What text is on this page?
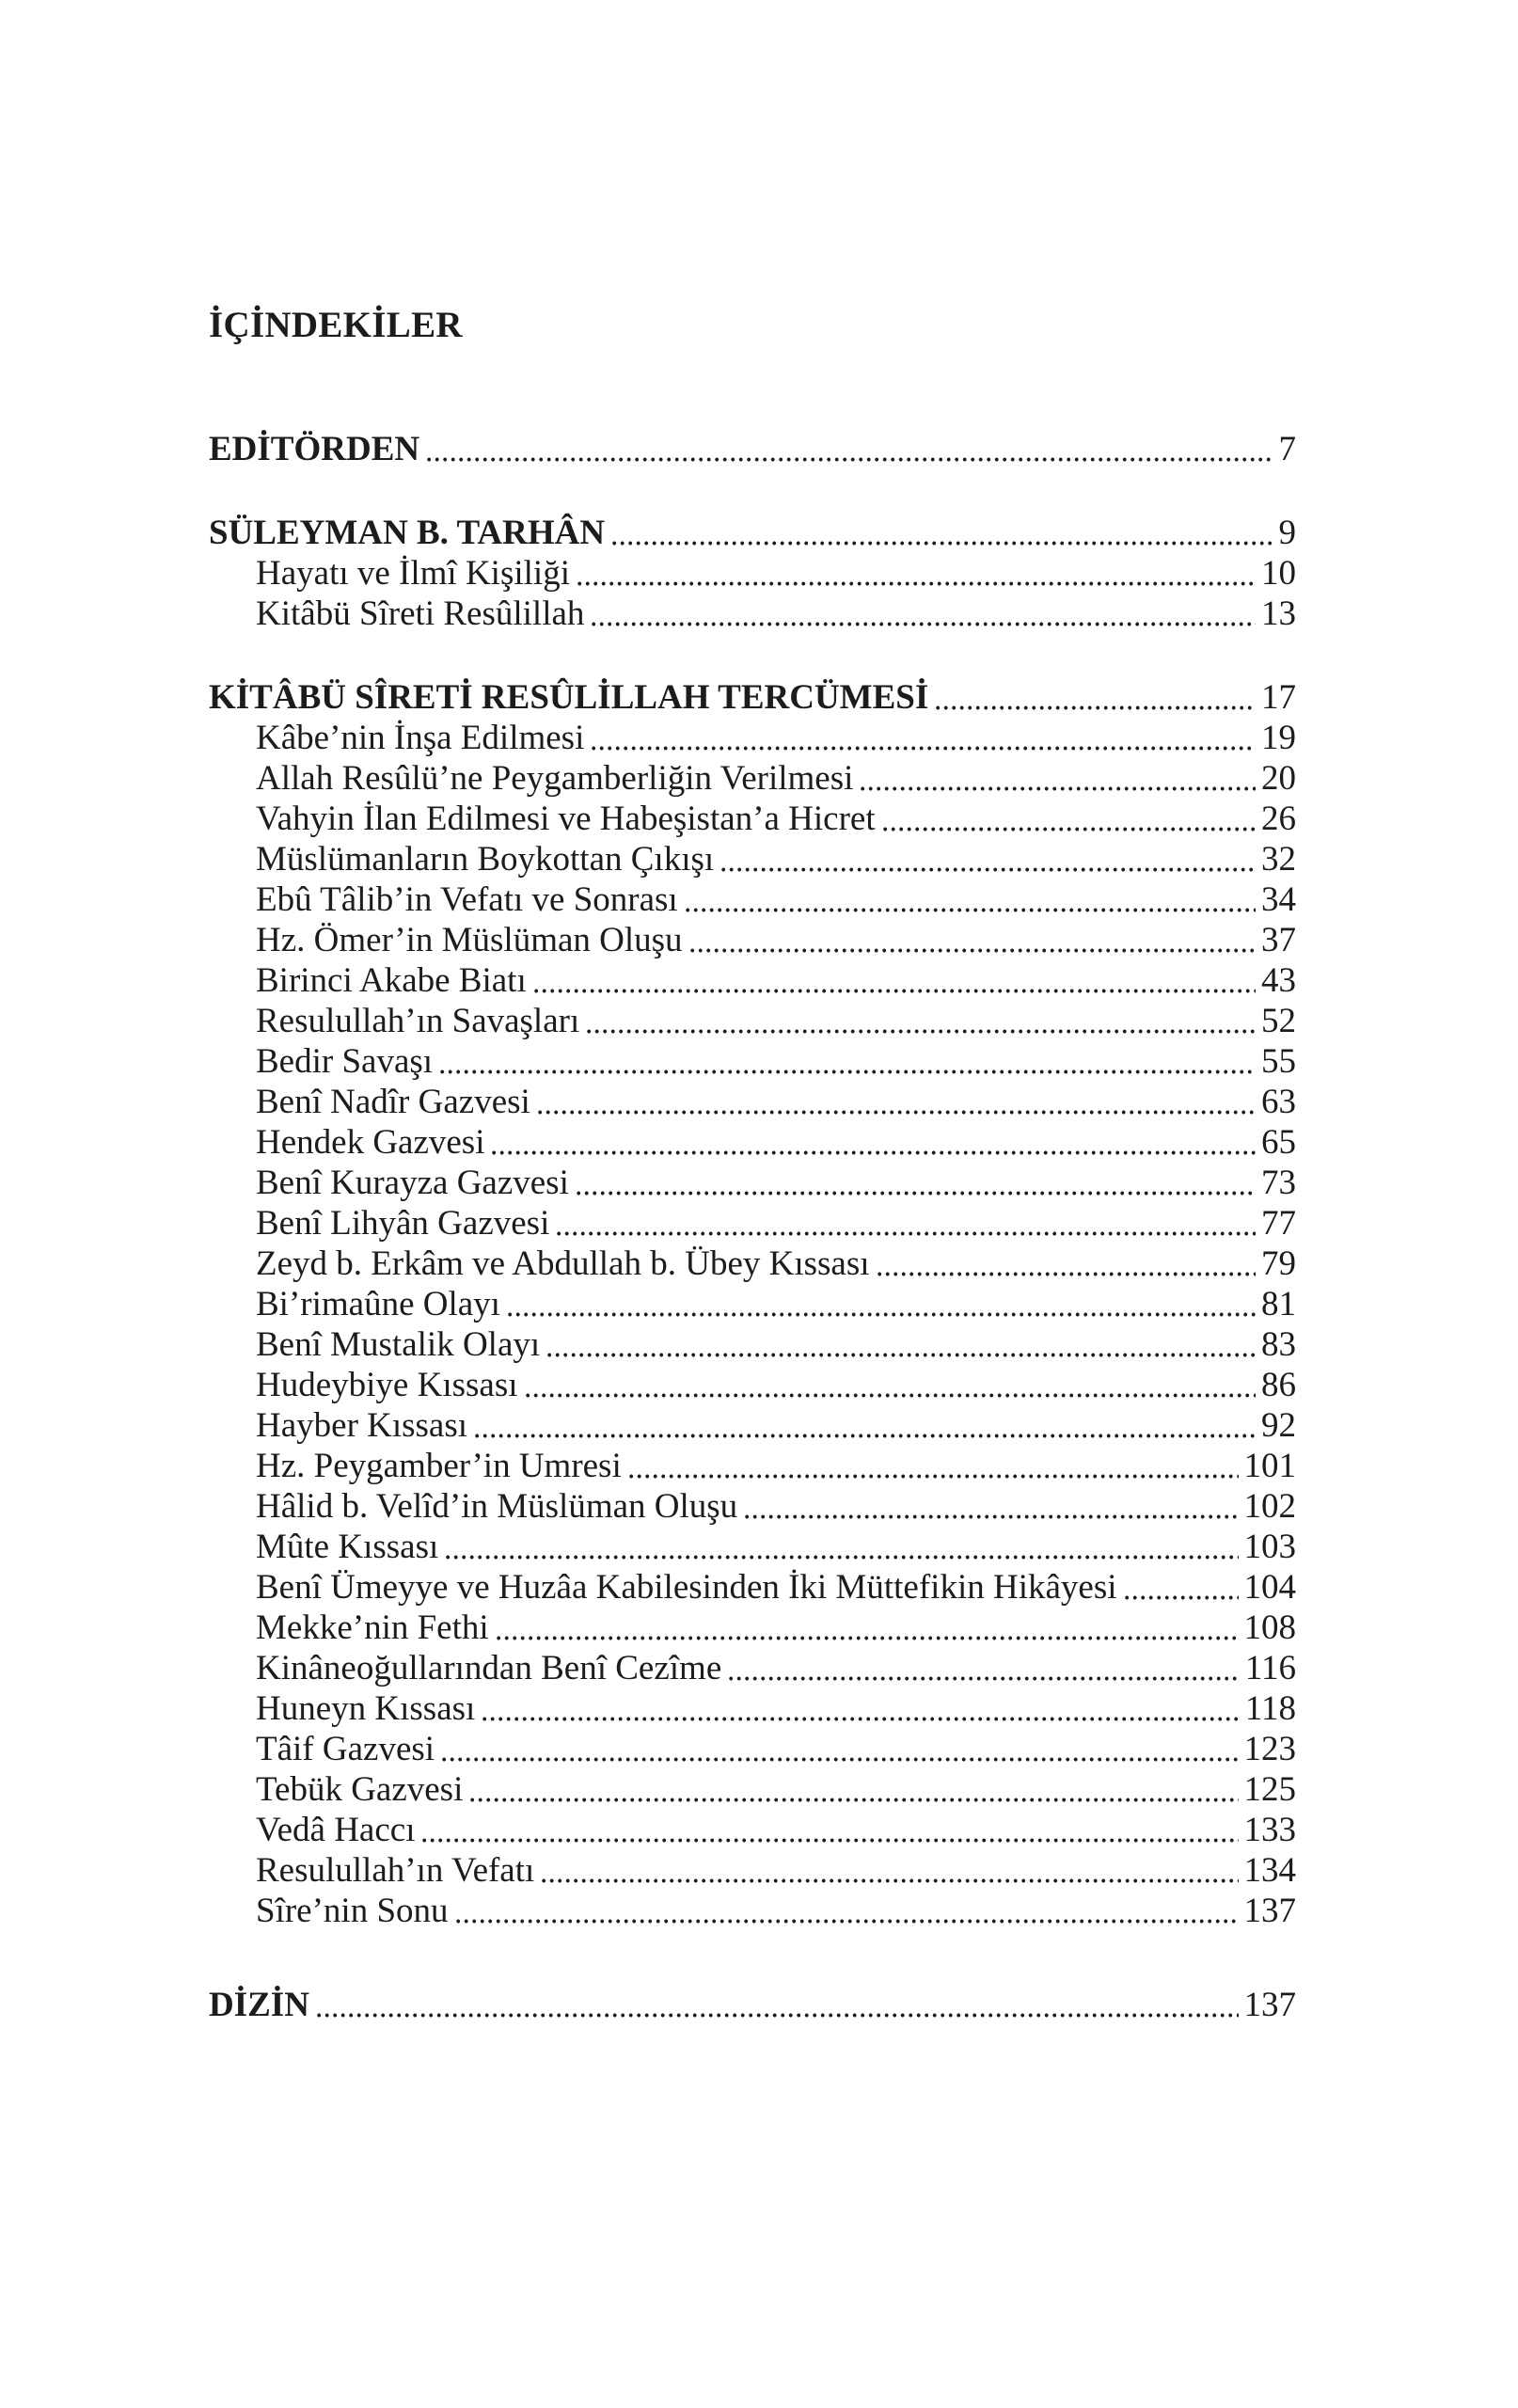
İÇİNDEKİLER
EDİTÖRDEN	7
SÜLEYMAN B. TARHÂN	9
Hayatı ve İlmî Kişiliği	10
Kitâbü Sîreti Resûlillah	13
KİTÂBÜ SÎRETİ RESÛLİLLAH TERCÜMESİ	17
Kâbe’nin İnşa Edilmesi	19
Allah Resûlü’ne Peygamberliğin Verilmesi	20
Vahyin İlan Edilmesi ve Habeşistan’a Hicret	26
Müslümanların Boykottan Çıkışı	32
Ebû Tâlib’in Vefatı ve Sonrası	34
Hz. Ömer’in Müslüman Oluşu	37
Birinci Akabe Biatı	43
Resulullah’ın Savaşları	52
Bedir Savaşı	55
Benî Nadîr Gazvesi	63
Hendek Gazvesi	65
Benî Kurayza Gazvesi	73
Benî Lihyân Gazvesi	77
Zeyd b. Erkâm ve Abdullah b. Übey Kıssası	79
Bi’rimaûne Olayı	81
Benî Mustalik Olayı	83
Hudeybiye Kıssası	86
Hayber Kıssası	92
Hz. Peygamber’in Umresi	101
Hâlid b. Velîd’in Müslüman Oluşu	102
Mûte Kıssası	103
Benî Ümeyye ve Huzâa Kabilesinden İki Müttefikin Hikâyesi	104
Mekke’nin Fethi	108
Kinâneoğullarından Benî Cezîme	116
Huneyn Kıssası	118
Tâif Gazvesi	123
Tebük Gazvesi	125
Vedâ Haccı	133
Resulullah’ın Vefatı	134
Sîre’nin Sonu	137
DİZİN	137
